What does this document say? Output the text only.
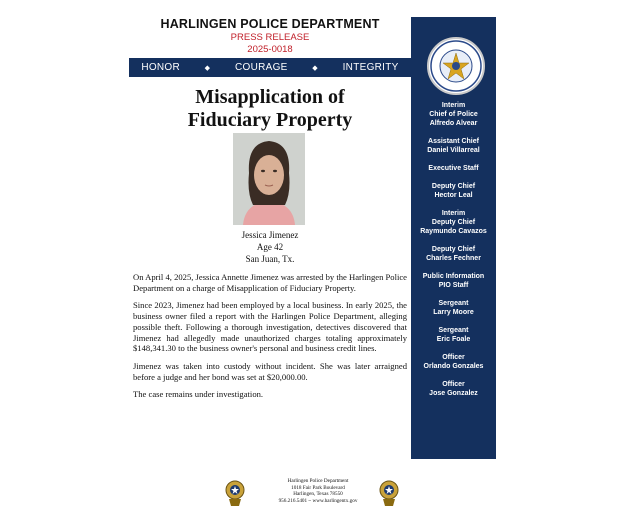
HARLINGEN POLICE DEPARTMENT
PRESS RELEASE
2025-0018
HONOR	◆ COURAGE	◆ INTEGRITY
Interim
Chief of Police
Alfredo Alvear
Assistant Chief
Daniel Villarreal
Executive Staff
Deputy Chief
Hector Leal
Interim
Deputy Chief
Raymundo Cavazos
Deputy Chief
Charles Fechner
Public Information
PIO Staff
Sergeant
Larry Moore
Sergeant
Eric Foale
Officer
Orlando Gonzales
Officer
Jose Gonzalez
Misapplication of
Fiduciary Property
Jessica Jimenez
Age 42
San Juan, Tx.

On April 4, 2025, Jessica Annette Jimenez was arrested by the Harlingen Police Department on a charge of Misapplication of Fiduciary Property.

Since 2023, Jimenez had been employed by a local business. In early 2025, the business owner filed a report with the Harlingen Police Department, alleging possible theft. Following a thorough investigation, detectives discovered that Jimenez had allegedly made unauthorized charges totaling approximately $148,341.30 to the business owner's personal and business credit lines.

Jimenez was taken into custody without incident. She was later arraigned before a judge and her bond was set at $20,000.00.

The case remains under investigation.

Harlingen Police Department
1018 Fair Park Boulevard
Harlingen, Texas 78550
956.216.5401 ~ www.harlingentx.gov
